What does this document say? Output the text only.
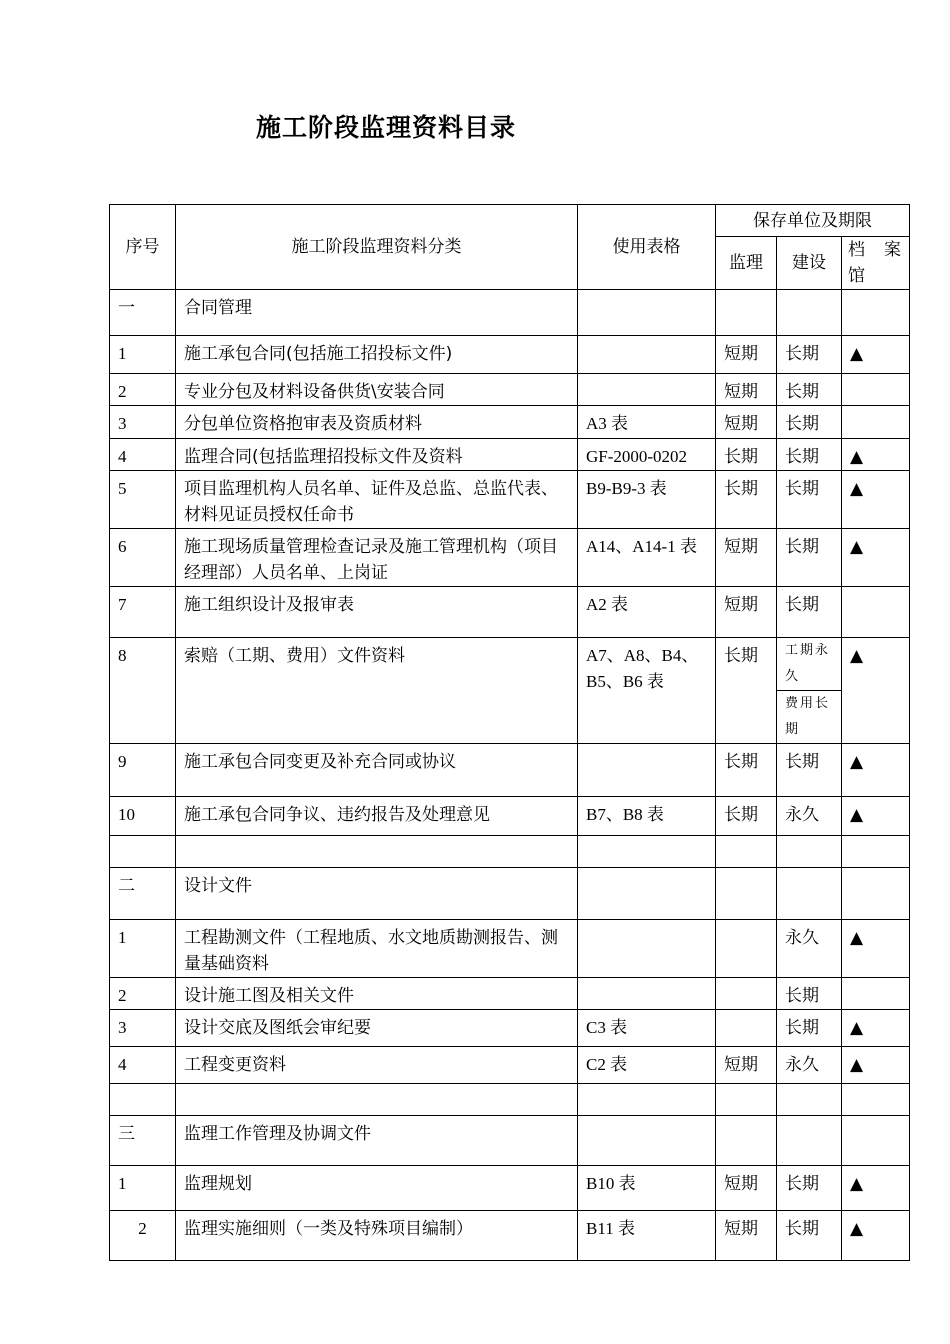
施工阶段监理资料目录
序号	施工阶段监理资料分类	使用表格	保存单位及期限		
			监理	建设	档　案馆
一	合同管理				
1	施工承包合同(包括施工招投标文件)		短期	长期	▲
2	专业分包及材料设备供货\安装合同		短期	长期	
3	分包单位资格抱审表及资质材料	A3 表	短期	长期	
4	监理合同(包括监理招投标文件及资料	GF-2000-0202	长期	长期	▲
5	项目监理机构人员名单、证件及总监、总监代表、材料见证员授权任命书	B9-B9-3 表	长期	长期	▲
6	施工现场质量管理检查记录及施工管理机构（项目经理部）人员名单、上岗证	A14、A14-1 表	短期	长期	▲
7	施工组织设计及报审表	A2 表	短期	长期	
8	索赔（工期、费用）文件资料	A7、A8、B4、B5、B6 表	长期	工期永久	▲
				费用长期	
9	施工承包合同变更及补充合同或协议		长期	长期	▲
10	施工承包合同争议、违约报告及处理意见	B7、B8 表	长期	永久	▲

二	设计文件				
1	工程勘测文件（工程地质、水文地质勘测报告、测量基础资料			永久	▲
2	设计施工图及相关文件			长期	
3	设计交底及图纸会审纪要	C3 表		长期	▲
4	工程变更资料	C2 表	短期	永久	▲

三	监理工作管理及协调文件				
1	监理规划	B10 表	短期	长期	▲
2	监理实施细则（一类及特殊项目编制）	B11 表	短期	长期	▲
